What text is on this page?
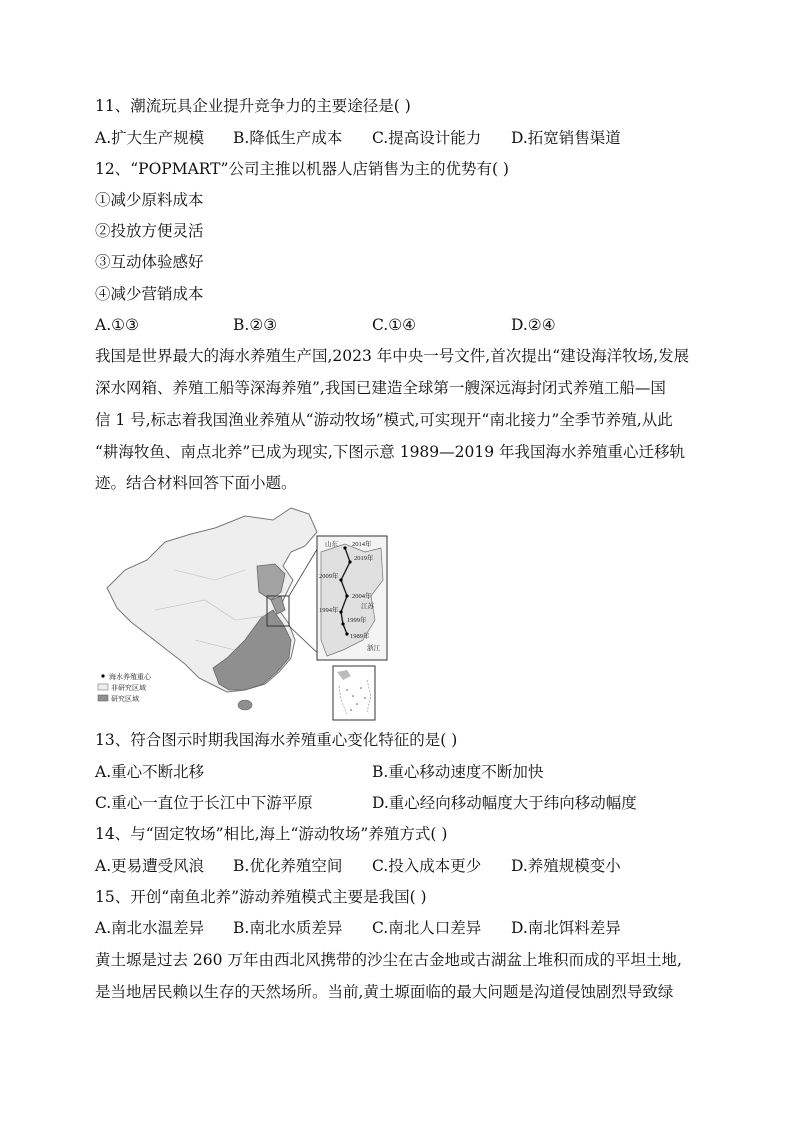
11、潮流玩具企业提升竞争力的主要途径是( )
A.扩大生产规模 B.降低生产成本 C.提高设计能力 D.拓宽销售渠道
12、“POPMART”公司主推以机器人店销售为主的优势有( )
①减少原料成本
②投放方便灵活
③互动体验感好
④减少营销成本
A.①③	B.②③	C.①④	D.②④
我国是世界最大的海水养殖生产国,2023 年中央一号文件,首次提出“建设海洋牧场,发展
深水网箱、养殖工船等深海养殖”,我国已建造全球第一艘深远海封闭式养殖工船—国
信 1 号,标志着我国渔业养殖从“游动牧场”模式,可实现开“南北接力”全季节养殖,从此
“耕海牧鱼、南点北养”已成为现实,下图示意 1989—2019 年我国海水养殖重心迁移轨
迹。结合材料回答下面小题。
2014年
2019年
2009年
2004年
1994年
1999年
1989年
山东
江苏
浙江
海水养殖重心
非研究区域
研究区域
13、符合图示时期我国海水养殖重心变化特征的是( )
A.重心不断北移	B.重心移动速度不断加快
C.重心一直位于长江中下游平原	D.重心经向移动幅度大于纬向移动幅度
14、与“固定牧场”相比,海上“游动牧场”养殖方式( )
A.更易遭受风浪 B.优化养殖空间 C.投入成本更少 D.养殖规模变小
15、开创“南鱼北养”游动养殖模式主要是我国( )
A.南北水温差异 B.南北水质差异 C.南北人口差异 D.南北饵料差异
黄土塬是过去 260 万年由西北风携带的沙尘在古金地或古湖盆上堆积而成的平坦土地,
是当地居民赖以生存的天然场所。当前,黄土塬面临的最大问题是沟道侵蚀剧烈导致绿
